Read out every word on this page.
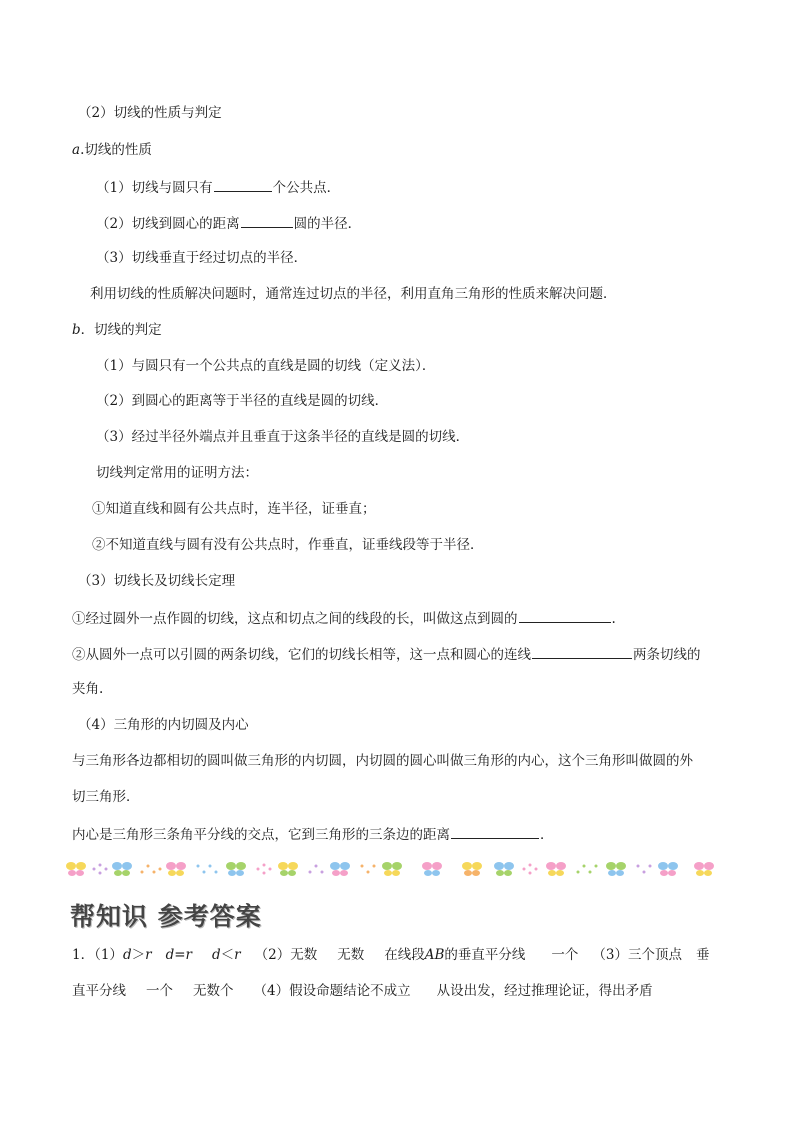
（2）切线的性质与判定
a.切线的性质
（1）切线与圆只有	个公共点．
（2）切线到圆心的距离	圆的半径．
（3）切线垂直于经过切点的半径．
利用切线的性质解决问题时，通常连过切点的半径，利用直角三角形的性质来解决问题．
b．切线的判定
（1）与圆只有一个公共点的直线是圆的切线（定义法）．
（2）到圆心的距离等于半径的直线是圆的切线．
（3）经过半径外端点并且垂直于这条半径的直线是圆的切线．
切线判定常用的证明方法：
①知道直线和圆有公共点时，连半径，证垂直；
②不知道直线与圆有没有公共点时，作垂直，证垂线段等于半径．
（3）切线长及切线长定理
①经过圆外一点作圆的切线，这点和切点之间的线段的长，叫做这点到圆的	.
②从圆外一点可以引圆的两条切线，它们的切线长相等，这一点和圆心的连线	两条切线的
夹角.
（4）三角形的内切圆及内心
与三角形各边都相切的圆叫做三角形的内切圆，内切圆的圆心叫做三角形的内心，这个三角形叫做圆的外
切三角形．
内心是三角形三条角平分线的交点，它到三角形的三条边的距离	．
帮知识 参考答案
1．（1）d＞r d=r d＜r （2）无数 无数 在线段AB的垂直平分线 一个 （3）三个顶点 垂
直平分线 一个 无数个 （4）假设命题结论不成立 从设出发，经过推理论证，得出矛盾
